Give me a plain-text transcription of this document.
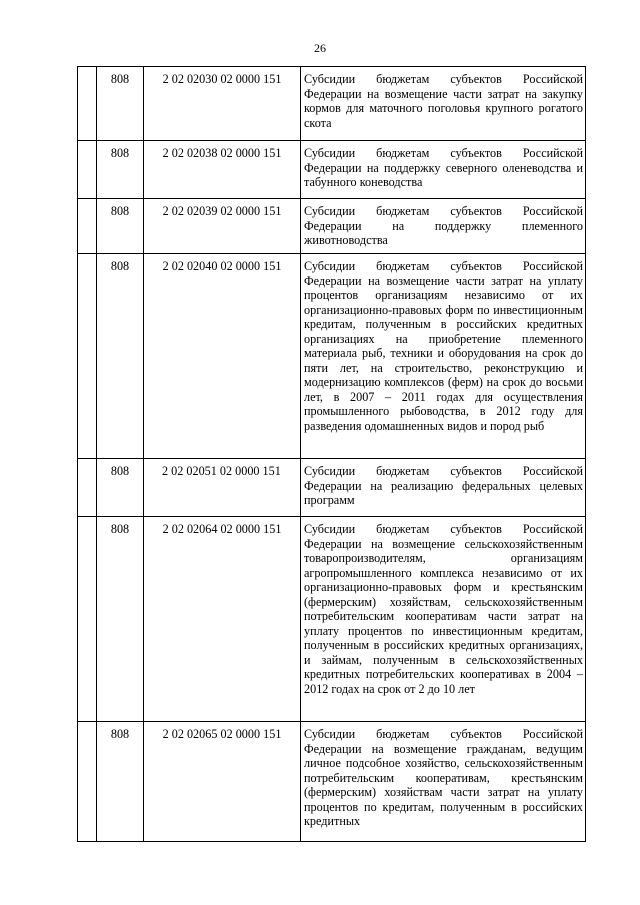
26
	808	2 02 02030 02 0000 151	Субсидии бюджетам субъектов Российской Федерации на возмещение части затрат на закупку кормов для маточного поголовья крупного рогатого скота
	808	2 02 02038 02 0000 151	Субсидии бюджетам субъектов Российской Федерации на поддержку северного оленеводства и табунного коневодства
	808	2 02 02039 02 0000 151	Субсидии бюджетам субъектов Российской Федерации на поддержку племенного животноводства
	808	2 02 02040 02 0000 151	Субсидии бюджетам субъектов Российской Федерации на возмещение части затрат на уплату процентов организациям независимо от их организационно-правовых форм по инвестиционным кредитам, полученным в российских кредитных организациях на приобретение племенного материала рыб, техники и оборудования на срок до пяти лет, на строительство, реконструкцию и модернизацию комплексов (ферм) на срок до восьми лет, в 2007 – 2011 годах для осуществления промышленного рыбоводства, в 2012 году для разведения одомашненных видов и пород рыб
	808	2 02 02051 02 0000 151	Субсидии бюджетам субъектов Российской Федерации на реализацию федеральных целевых программ
	808	2 02 02064 02 0000 151	Субсидии бюджетам субъектов Российской Федерации на возмещение сельскохозяйственным товаропроизводителям, организациям агропромышленного комплекса независимо от их организационно-правовых форм и крестьянским (фермерским) хозяйствам, сельскохозяйственным потребительским кооперативам части затрат на уплату процентов по инвестиционным кредитам, полученным в российских кредитных организациях, и займам, полученным в сельскохозяйственных кредитных потребительских кооперативах в 2004 – 2012 годах на срок от 2 до 10 лет
	808	2 02 02065 02 0000 151	Субсидии бюджетам субъектов Российской Федерации на возмещение гражданам, ведущим личное подсобное хозяйство, сельскохозяйственным потребительским кооперативам, крестьянским (фермерским) хозяйствам части затрат на уплату процентов по кредитам, полученным в российских кредитных
